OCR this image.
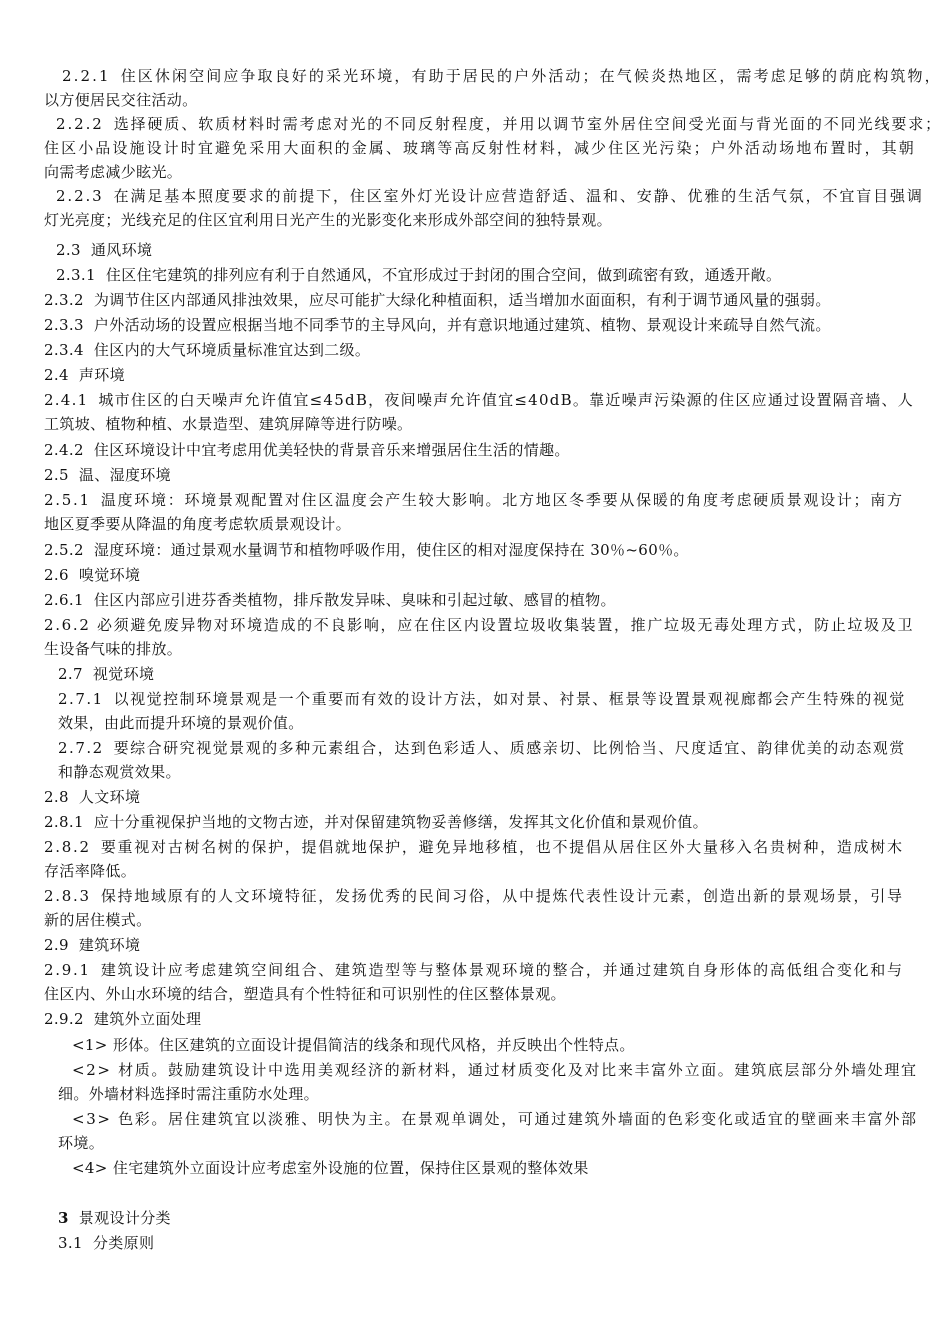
2.2.1 住区休闲空间应争取良好的采光环境，有助于居民的户外活动；在气候炎热地区，需考虑足够的荫庇构筑物，
以方便居民交往活动。
2.2.2 选择硬质、软质材料时需考虑对光的不同反射程度，并用以调节室外居住空间受光面与背光面的不同光线要求；
住区小品设施设计时宜避免采用大面积的金属、玻璃等高反射性材料，减少住区光污染；户外活动场地布置时，其朝
向需考虑减少眩光。
2.2.3 在满足基本照度要求的前提下，住区室外灯光设计应营造舒适、温和、安静、优雅的生活气氛，不宜盲目强调
灯光亮度；光线充足的住区宜利用日光产生的光影变化来形成外部空间的独特景观。
2.3 通风环境
2.3.1 住区住宅建筑的排列应有利于自然通风，不宜形成过于封闭的围合空间，做到疏密有致，通透开敞。
2.3.2 为调节住区内部通风排浊效果，应尽可能扩大绿化种植面积，适当增加水面面积，有利于调节通风量的强弱。
2.3.3 户外活动场的设置应根据当地不同季节的主导风向，并有意识地通过建筑、植物、景观设计来疏导自然气流。
2.3.4 住区内的大气环境质量标准宜达到二级。
2.4 声环境
2.4.1 城市住区的白天噪声允许值宜≤45dB，夜间噪声允许值宜≤40dB。靠近噪声污染源的住区应通过设置隔音墙、人
工筑坡、植物种植、水景造型、建筑屏障等进行防噪。
2.4.2 住区环境设计中宜考虑用优美轻快的背景音乐来增强居住生活的情趣。
2.5 温、湿度环境
2.5.1 温度环境：环境景观配置对住区温度会产生较大影响。北方地区冬季要从保暖的角度考虑硬质景观设计；南方
地区夏季要从降温的角度考虑软质景观设计。
2.5.2 湿度环境：通过景观水量调节和植物呼吸作用，使住区的相对湿度保持在 30％~60％。
2.6 嗅觉环境
2.6.1 住区内部应引进芬香类植物，排斥散发异味、臭味和引起过敏、感冒的植物。
2.6.2 必须避免废异物对环境造成的不良影响，应在住区内设置垃圾收集装置，推广垃圾无毒处理方式，防止垃圾及卫
生设备气味的排放。
2.7 视觉环境
2.7.1 以视觉控制环境景观是一个重要而有效的设计方法，如对景、衬景、框景等设置景观视廊都会产生特殊的视觉
效果，由此而提升环境的景观价值。
2.7.2 要综合研究视觉景观的多种元素组合，达到色彩适人、质感亲切、比例恰当、尺度适宜、韵律优美的动态观赏
和静态观赏效果。
2.8 人文环境
2.8.1 应十分重视保护当地的文物古迹，并对保留建筑物妥善修缮，发挥其文化价值和景观价值。
2.8.2 要重视对古树名树的保护，提倡就地保护，避免异地移植，也不提倡从居住区外大量移入名贵树种，造成树木
存活率降低。
2.8.3 保持地域原有的人文环境特征，发扬优秀的民间习俗，从中提炼代表性设计元素，创造出新的景观场景，引导
新的居住模式。
2.9 建筑环境
2.9.1 建筑设计应考虑建筑空间组合、建筑造型等与整体景观环境的整合，并通过建筑自身形体的高低组合变化和与
住区内、外山水环境的结合，塑造具有个性特征和可识别性的住区整体景观。
2.9.2 建筑外立面处理
<1> 形体。住区建筑的立面设计提倡简洁的线条和现代风格，并反映出个性特点。
<2> 材质。鼓励建筑设计中选用美观经济的新材料，通过材质变化及对比来丰富外立面。建筑底层部分外墙处理宜
细。外墙材料选择时需注重防水处理。
<3> 色彩。居住建筑宜以淡雅、明快为主。在景观单调处，可通过建筑外墙面的色彩变化或适宜的壁画来丰富外部
环境。
<4> 住宅建筑外立面设计应考虑室外设施的位置，保持住区景观的整体效果
3 景观设计分类
3.1 分类原则
